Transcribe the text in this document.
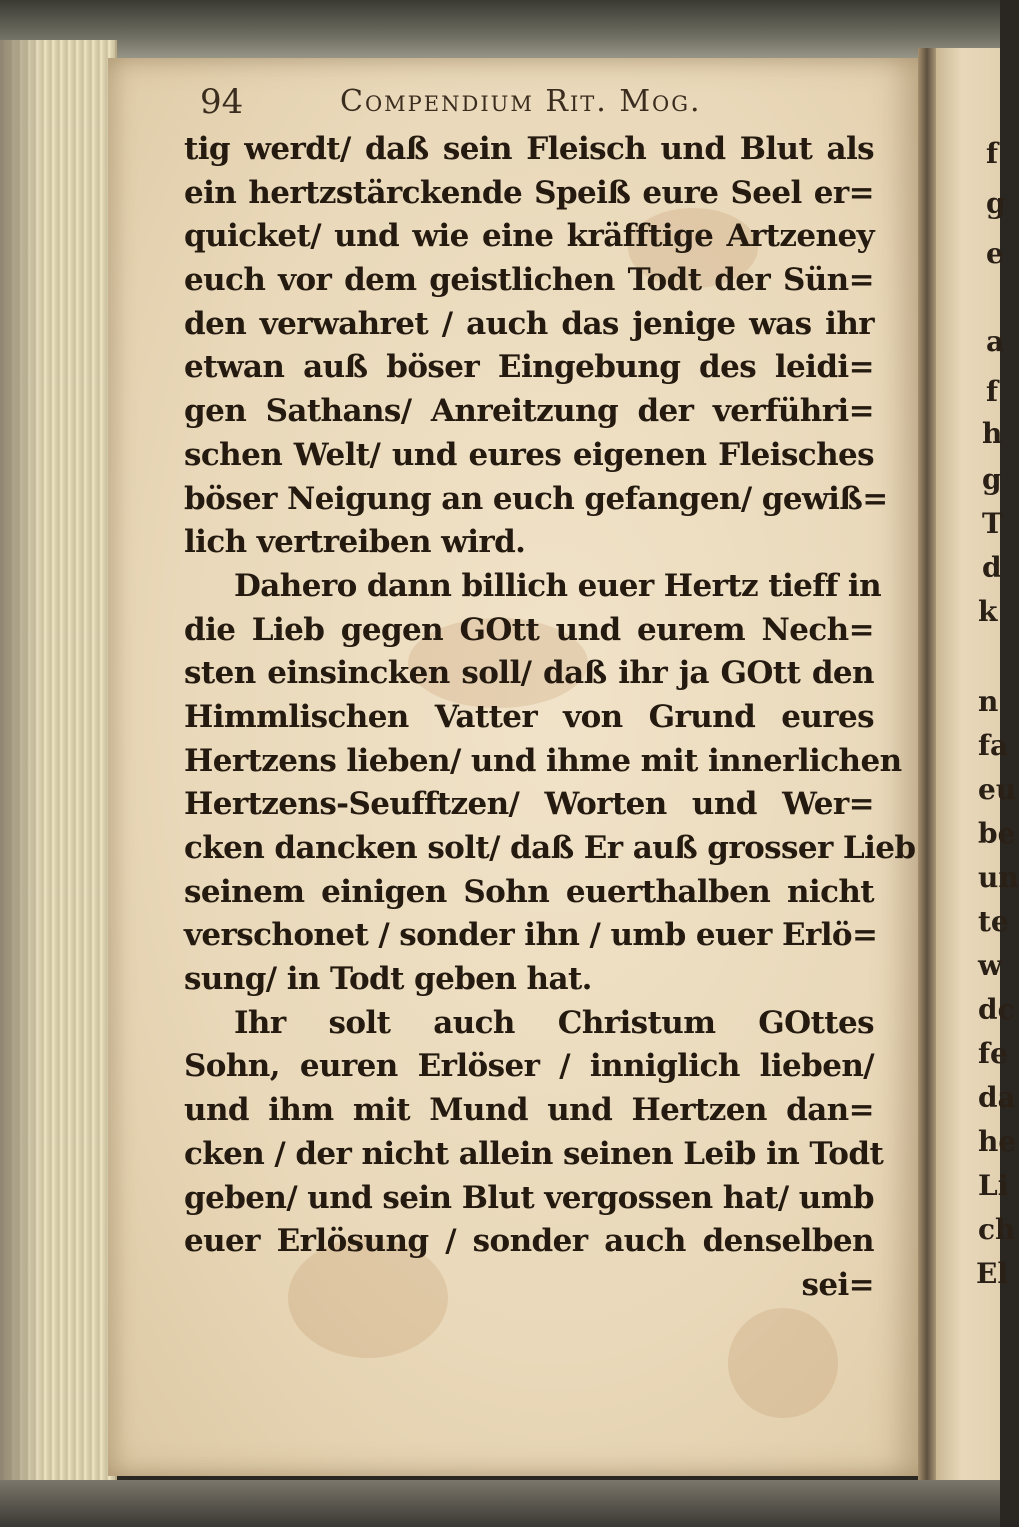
f
g
e
a
f
h
g
T
d
k
n
fa
eu
be
un
te
w
dc
fe
da
he
Li
ch
El
94	Compendium Rit. Mog.
tig werdt/ daß sein Fleisch und Blut als
ein hertzstärckende Speiß eure Seel er=
quicket/ und wie eine kräfftige Artzeney
euch vor dem geistlichen Todt der Sün=
den verwahret / auch das jenige was ihr
etwan auß böser Eingebung des leidi=
gen Sathans/ Anreitzung der verführi=
schen Welt/ und eures eigenen Fleisches
böser Neigung an euch gefangen/ gewiß=
lich vertreiben wird.
Dahero dann billich euer Hertz tieff in
die Lieb gegen GOtt und eurem Nech=
sten einsincken soll/ daß ihr ja GOtt den
Himmlischen Vatter von Grund eures
Hertzens lieben/ und ihme mit innerlichen
Hertzens-Seufftzen/ Worten und Wer=
cken dancken solt/ daß Er auß grosser Lieb
seinem einigen Sohn euerthalben nicht
verschonet / sonder ihn / umb euer Erlö=
sung/ in Todt geben hat.
Ihr solt auch Christum GOttes
Sohn, euren Erlöser / inniglich lieben/
und ihm mit Mund und Hertzen dan=
cken / der nicht allein seinen Leib in Todt
geben/ und sein Blut vergossen hat/ umb
euer Erlösung / sonder auch denselben
sei=
